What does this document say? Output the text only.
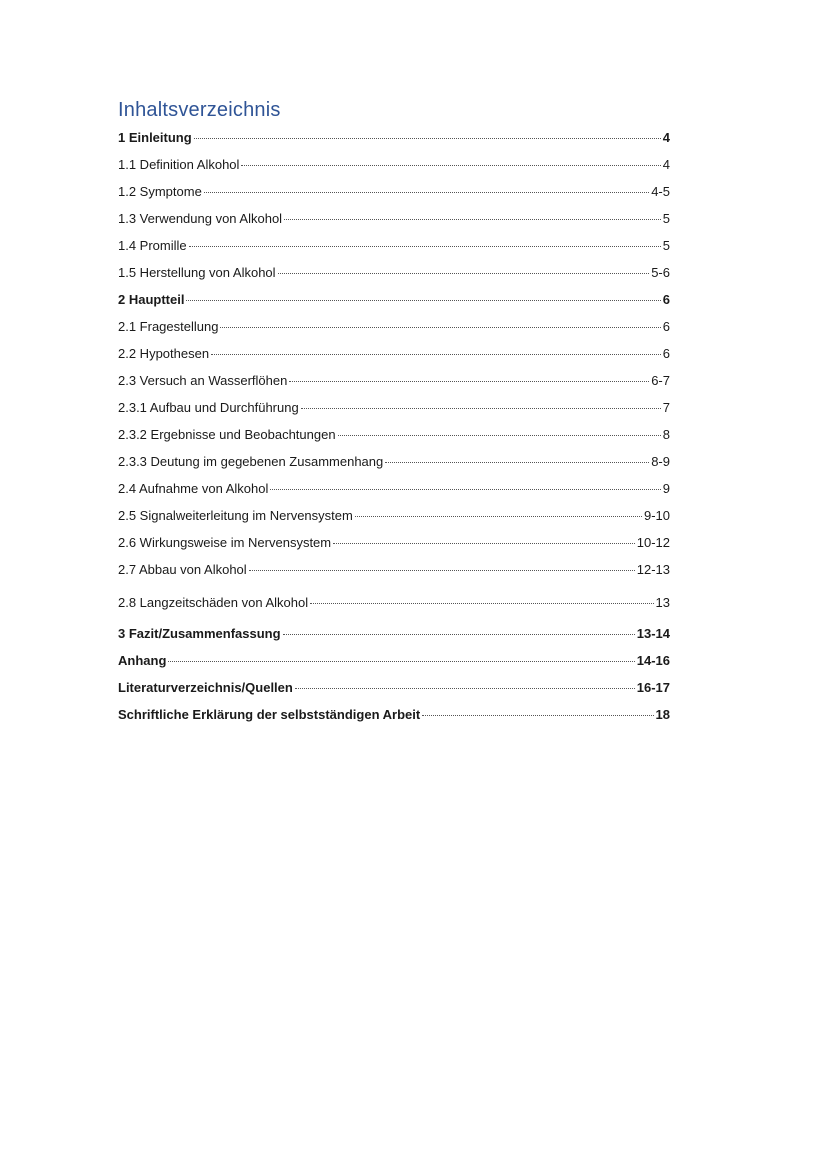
Inhaltsverzeichnis
1 Einleitung	4
1.1 Definition Alkohol	4
1.2 Symptome	4-5
1.3 Verwendung von Alkohol	5
1.4 Promille	5
1.5 Herstellung von Alkohol	5-6
2 Hauptteil	6
2.1 Fragestellung	6
2.2 Hypothesen	6
2.3 Versuch an Wasserflöhen	6-7
2.3.1 Aufbau und Durchführung	7
2.3.2 Ergebnisse und Beobachtungen	8
2.3.3 Deutung im gegebenen Zusammenhang	8-9
2.4 Aufnahme von Alkohol	9
2.5 Signalweiterleitung im Nervensystem	9-10
2.6 Wirkungsweise im Nervensystem	10-12
2.7 Abbau von Alkohol	12-13
2.8 Langzeitschäden von Alkohol	13
3 Fazit/Zusammenfassung	13-14
Anhang	14-16
Literaturverzeichnis/Quellen	16-17
Schriftliche Erklärung der selbstständigen Arbeit	18
